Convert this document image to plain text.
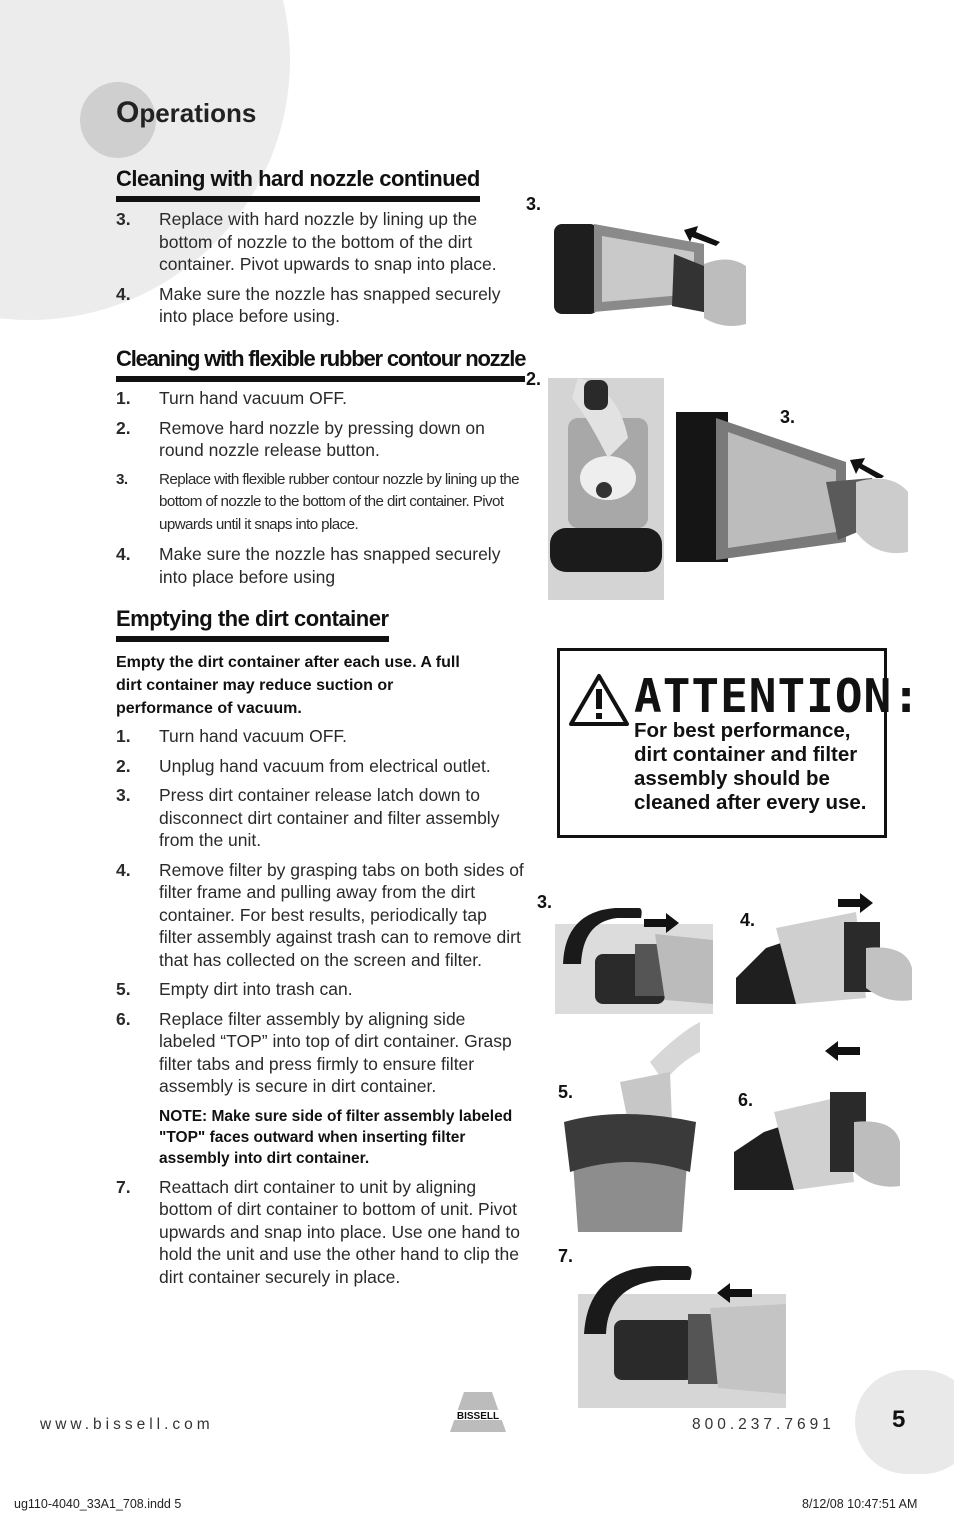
Operations
Cleaning with hard nozzle continued
3. Replace with hard nozzle by lining up the bottom of nozzle to the bottom of the dirt container. Pivot upwards to snap into place.
4. Make sure the nozzle has snapped securely into place before using.
Cleaning with flexible rubber contour nozzle
1. Turn hand vacuum OFF.
2. Remove hard nozzle by pressing down on round nozzle release button.
3. Replace with flexible rubber contour nozzle by lining up the bottom of nozzle to the bottom of the dirt container. Pivot upwards until it snaps into place.
4. Make sure the nozzle has snapped securely into place before using
Emptying the dirt container

Empty the dirt container after each use. A full dirt container may reduce suction or performance of vacuum.

1. Turn hand vacuum OFF.
2. Unplug hand vacuum from electrical outlet.
3. Press dirt container release latch down to disconnect dirt container and filter assembly from the unit.
4. Remove filter by grasping tabs on both sides of filter frame and pulling away from the dirt container. For best results, periodically tap filter assembly against trash can to remove dirt that has collected on the screen and filter.
5. Empty dirt into trash can.
6. Replace filter assembly by aligning side labeled “TOP” into top of dirt container. Grasp filter tabs and press firmly to ensure filter assembly is secure in dirt container.
NOTE: Make sure side of filter assembly labeled "TOP" faces outward when inserting filter assembly into dirt container.
7. Reattach dirt container to unit by aligning bottom of dirt container to bottom of unit. Pivot upwards and snap into place. Use one hand to hold the unit and use the other hand to clip the dirt container securely in place.
3.
2.
3.
3.
4.
5.	6.
7.
ATTENTION:

For best performance, dirt container and filter assembly should be cleaned after every use.

www.bissell.com	BISSELL	800.237.7691 5
ug110-4040_33A1_708.indd 5	8/12/08 10:47:51 AM
